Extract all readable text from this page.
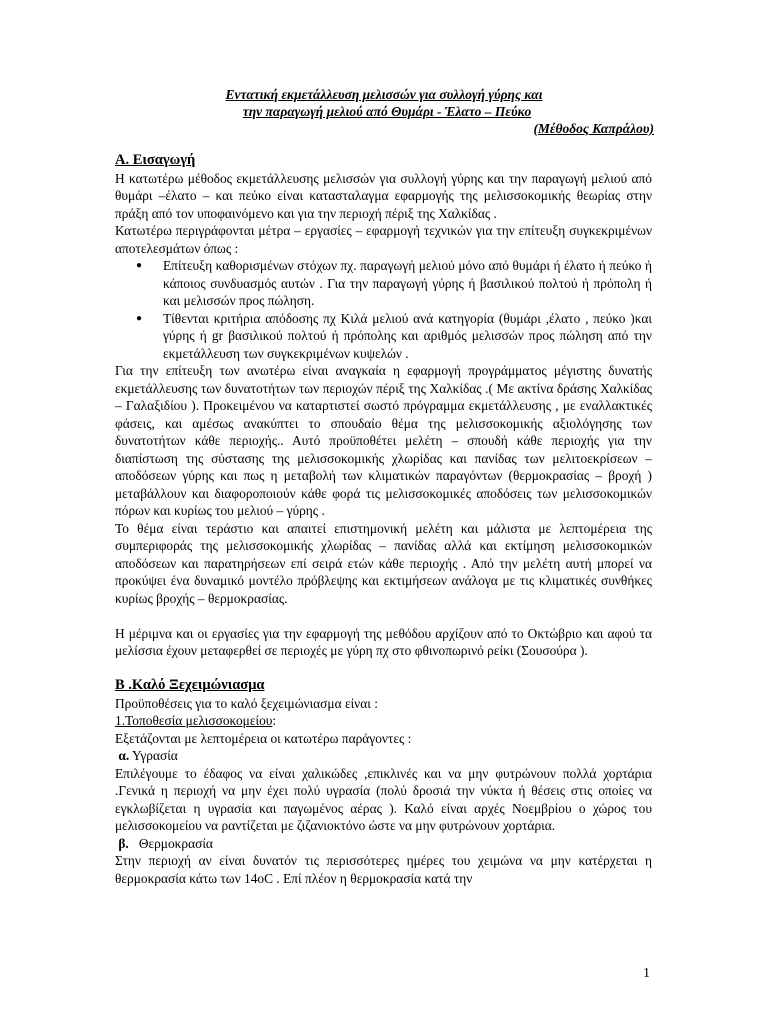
Εντατική εκμετάλλευση μελισσών για συλλογή γύρης και
την παραγωγή μελιού από Θυμάρι - Έλατο – Πεύκο
(Μέθοδος Καπράλου)
Α. Εισαγωγή

Η κατωτέρω μέθοδος εκμετάλλευσης μελισσών για συλλογή γύρης και την παραγωγή μελιού από θυμάρι –έλατο – και πεύκο είναι κατασταλαγμα εφαρμογής της μελισσοκομικής θεωρίας στην πράξη από τον υποφαινόμενο και για την περιοχή πέριξ της Χαλκίδας .

Κατωτέρω περιγράφονται μέτρα – εργασίες – εφαρμογή τεχνικών για την επίτευξη συγκεκριμένων αποτελεσμάτων όπως :

● Επίτευξη καθορισμένων στόχων πχ. παραγωγή μελιού μόνο από θυμάρι ή έλατο ή πεύκο ή κάποιος συνδυασμός αυτών . Για την παραγωγή γύρης ή βασιλικού πολτού ή πρόπολη ή και μελισσών προς πώληση.
● Τίθενται κριτήρια απόδοσης πχ Κιλά μελιού ανά κατηγορία (θυμάρι ,έλατο , πεύκο )και γύρης ή gr βασιλικού πολτού ή πρόπολης και αριθμός μελισσών προς πώληση από την εκμετάλλευση των συγκεκριμένων κυψελών .

Για την επίτευξη των ανωτέρω είναι αναγκαία η εφαρμογή προγράμματος μέγιστης δυνατής εκμετάλλευσης των δυνατοτήτων των περιοχών πέριξ της Χαλκίδας .( Με ακτίνα δράσης Χαλκίδας – Γαλαξιδίου ). Προκειμένου να καταρτιστεί σωστό πρόγραμμα εκμετάλλευσης , με εναλλακτικές φάσεις, και αμέσως ανακύπτει το σπουδαίο θέμα της μελισσοκομικής αξιολόγησης των δυνατοτήτων κάθε περιοχής.. Αυτό προϋποθέτει μελέτη – σπουδή κάθε περιοχής για την διαπίστωση της σύστασης της μελισσοκομικής χλωρίδας και πανίδας των μελιτοεκρίσεων – αποδόσεων γύρης και πως η μεταβολή των κλιματικών παραγόντων (θερμοκρασίας – βροχή ) μεταβάλλουν και διαφοροποιούν κάθε φορά τις μελισσοκομικές αποδόσεις των μελισσοκομικών πόρων και κυρίως του μελιού – γύρης .

Το θέμα είναι τεράστιο και απαιτεί επιστημονική μελέτη και μάλιστα με λεπτομέρεια της συμπεριφοράς της μελισσοκομικής χλωρίδας – πανίδας αλλά και εκτίμηση μελισσοκομικών αποδόσεων και παρατηρήσεων επί σειρά ετών κάθε περιοχής . Από την μελέτη αυτή μπορεί να προκύψει ένα δυναμικό μοντέλο πρόβλεψης και εκτιμήσεων ανάλογα με τις κλιματικές συνθήκες κυρίως βροχής – θερμοκρασίας.

Η μέριμνα και οι εργασίες για την εφαρμογή της μεθόδου αρχίζουν από το Οκτώβριο και αφού τα μελίσσια έχουν μεταφερθεί σε περιοχές με γύρη πχ στο φθινοπωρινό ρείκι (Σουσούρα ).

Β .Καλό Ξεχειμώνιασμα

Προϋποθέσεις για το καλό ξεχειμώνιασμα είναι :

1.Τοποθεσία μελισσοκομείου:

Εξετάζονται με λεπτομέρεια οι κατωτέρω παράγοντες :

α. Υγρασία

Επιλέγουμε το έδαφος να είναι χαλικώδες ,επικλινές και να μην φυτρώνουν πολλά χορτάρια .Γενικά η περιοχή να μην έχει πολύ υγρασία (πολύ δροσιά την νύκτα ή θέσεις στις οποίες να εγκλωβίζεται η υγρασία και παγωμένος αέρας ). Καλό είναι αρχές Νοεμβρίου ο χώρος του μελισσοκομείου να ραντίζεται με ζιζανιοκτόνο ώστε να μην φυτρώνουν χορτάρια.

β. Θερμοκρασία

Στην περιοχή αν είναι δυνατόν τις περισσότερες ημέρες του χειμώνα να μην κατέρχεται η θερμοκρασία κάτω των 14οC . Επί πλέον η θερμοκρασία κατά την

1
